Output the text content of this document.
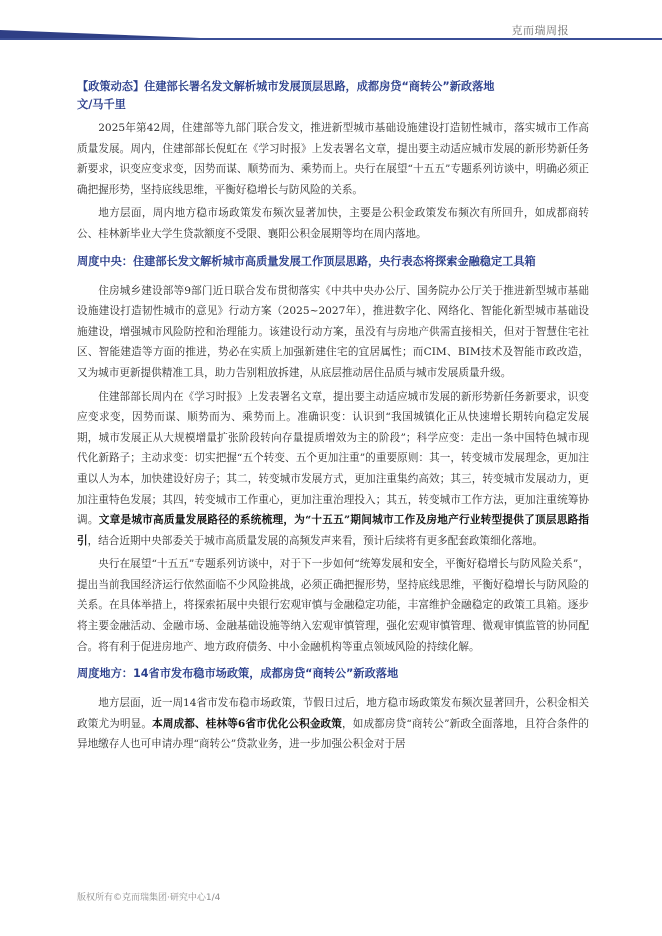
克而瑞周报
【政策动态】住建部长署名发文解析城市发展顶层思路，成都房贷“商转公”新政落地
文/马千里

2025年第42周，住建部等九部门联合发文，推进新型城市基础设施建设打造韧性城市，落实城市工作高质量发展。周内，住建部部长倪虹在《学习时报》上发表署名文章，提出要主动适应城市发展的新形势新任务新要求，识变应变求变，因势而谋、顺势而为、乘势而上。央行在展望“十五五”专题系列访谈中，明确必须正确把握形势，坚持底线思维，平衡好稳增长与防风险的关系。

地方层面，周内地方稳市场政策发布频次显著加快，主要是公积金政策发布频次有所回升，如成都商转公、桂林新毕业大学生贷款额度不受限、襄阳公积金展期等均在周内落地。

周度中央：住建部长发文解析城市高质量发展工作顶层思路，央行表态将探索金融稳定工具箱

住房城乡建设部等9部门近日联合发布贯彻落实《中共中央办公厅、国务院办公厅关于推进新型城市基础设施建设打造韧性城市的意见》行动方案（2025~2027年），推进数字化、网络化、智能化新型城市基础设施建设，增强城市风险防控和治理能力。该建设行动方案，虽没有与房地产供需直接相关，但对于智慧住宅社区、智能建造等方面的推进，势必在实质上加强新建住宅的宜居属性；而CIM、BIM技术及智能市政改造，又为城市更新提供精准工具，助力告别粗放拆建，从底层推动居住品质与城市发展质量升级。

住建部部长周内在《学习时报》上发表署名文章，提出要主动适应城市发展的新形势新任务新要求，识变应变求变，因势而谋、顺势而为、乘势而上。准确识变：认识到“我国城镇化正从快速增长期转向稳定发展期，城市发展正从大规模增量扩张阶段转向存量提质增效为主的阶段”；科学应变：走出一条中国特色城市现代化新路子；主动求变：切实把握“五个转变、五个更加注重”的重要原则：其一，转变城市发展理念，更加注重以人为本，加快建设好房子；其二，转变城市发展方式，更加注重集约高效；其三，转变城市发展动力，更加注重特色发展；其四，转变城市工作重心，更加注重治理投入；其五，转变城市工作方法，更加注重统筹协调。文章是城市高质量发展路径的系统梳理，为“十五五”期间城市工作及房地产行业转型提供了顶层思路指引，结合近期中央部委关于城市高质量发展的高频发声来看，预计后续将有更多配套政策细化落地。

央行在展望“十五五”专题系列访谈中，对于下一步如何“统筹发展和安全，平衡好稳增长与防风险关系”，提出当前我国经济运行依然面临不少风险挑战，必须正确把握形势，坚持底线思维，平衡好稳增长与防风险的关系。在具体举措上，将探索拓展中央银行宏观审慎与金融稳定功能，丰富维护金融稳定的政策工具箱。逐步将主要金融活动、金融市场、金融基础设施等纳入宏观审慎管理，强化宏观审慎管理、微观审慎监管的协同配合。将有利于促进房地产、地方政府债务、中小金融机构等重点领域风险的持续化解。

周度地方：14省市发布稳市场政策，成都房贷“商转公”新政落地

地方层面，近一周14省市发布稳市场政策，节假日过后，地方稳市场政策发布频次显著回升，公积金相关政策尤为明显。本周成都、桂林等6省市优化公积金政策，如成都房贷“商转公”新政全面落地，且符合条件的异地缴存人也可申请办理“商转公”贷款业务，进一步加强公积金对于居

版权所有©克而瑞集团·研究中心1/4
